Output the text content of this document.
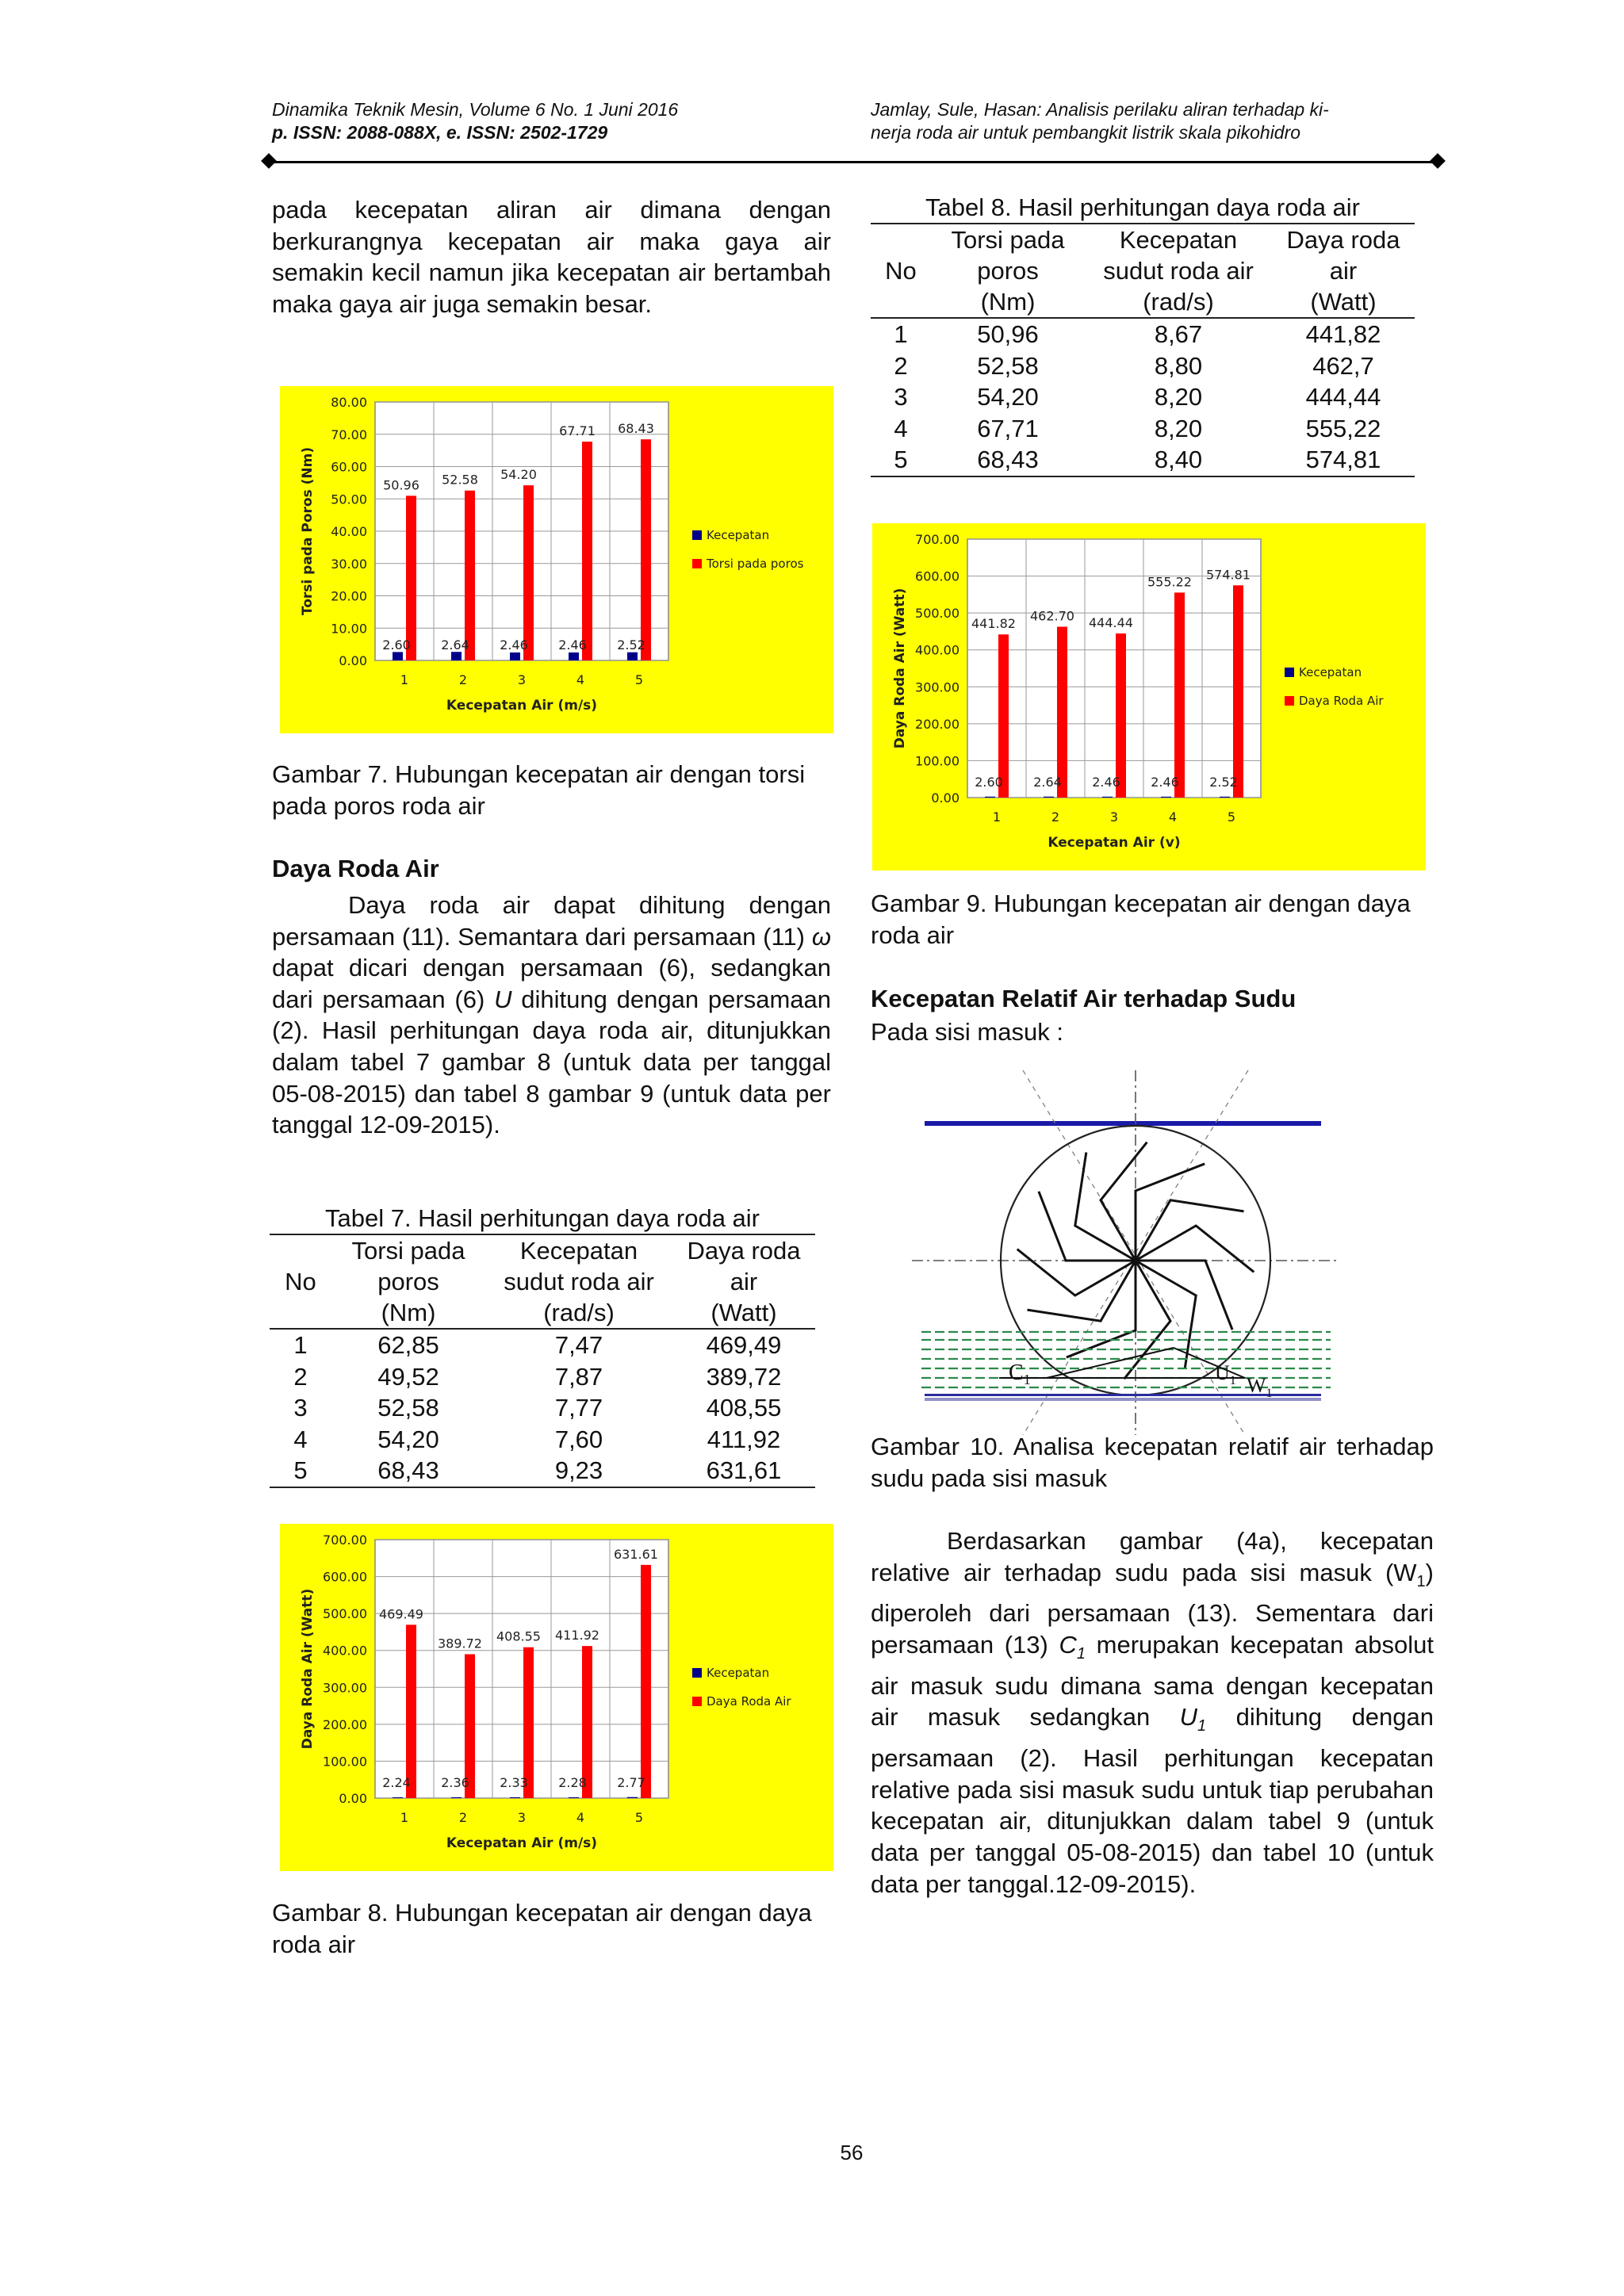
Dinamika Teknik Mesin, Volume 6 No. 1 Juni 2016
p. ISSN: 2088-088X, e. ISSN: 2502-1729
Jamlay, Sule, Hasan: Analisis perilaku aliran terhadap ki-
nerja roda air untuk pembangkit listrik skala pikohidro

pada kecepatan aliran air dimana dengan berkurangnya kecepatan air maka gaya air semakin kecil namun jika kecepatan air bertambah maka gaya air juga semakin besar.

0.00
10.00
20.00
30.00
40.00
50.00
60.00
70.00
80.00
2.60
50.96
1
2.64
52.58
2
2.46
54.20
3
2.46
67.71
4
2.52
68.43
5
Kecepatan Air (m/s)
Torsi pada Poros (Nm)	Kecepatan
Torsi pada poros
Gambar 7. Hubungan kecepatan air dengan torsi pada poros roda air
Daya Roda Air

Daya roda air dapat dihitung dengan persamaan (11). Semantara dari persamaan (11) ω dapat dicari dengan persamaan (6), sedangkan dari persamaan (6) U dihitung dengan persamaan (2). Hasil perhitungan daya roda air, ditunjukkan dalam tabel 7 gambar 8 (untuk data per tanggal 05-08-2015) dan tabel 8 gambar 9 (untuk data per tanggal 12-09-2015).

Tabel 7. Hasil perhitungan daya roda air
	Torsi pada	Kecepatan	Daya roda
No	poros	sudut roda air	air
	(Nm)	(rad/s)	(Watt)
1	62,85	7,47	469,49
2	49,52	7,87	389,72
3	52,58	7,77	408,55
4	54,20	7,60	411,92
5	68,43	9,23	631,61
0.00
100.00
200.00
300.00
400.00
500.00
600.00
700.00
2.24
469.49
1
2.36
389.72
2
2.33
408.55
3
2.28
411.92
4
2.77
631.61
5
Kecepatan Air (m/s)
Daya Roda Air (Watt)	Kecepatan
Daya Roda Air
Gambar 8. Hubungan kecepatan air dengan daya roda air
Tabel 8. Hasil perhitungan daya roda air
	Torsi pada	Kecepatan	Daya roda
No	poros	sudut roda air	air
	(Nm)	(rad/s)	(Watt)
1	50,96	8,67	441,82
2	52,58	8,80	462,7
3	54,20	8,20	444,44
4	67,71	8,20	555,22
5	68,43	8,40	574,81
0.00
100.00
200.00
300.00
400.00
500.00
600.00
700.00
2.60
441.82
1
2.64
462.70
2
2.46
444.44
3
2.46
555.22
4
2.52
574.81
5
Kecepatan Air (v)
Daya Roda Air (Watt)	Kecepatan
Daya Roda Air
Gambar 9. Hubungan kecepatan air dengan daya roda air
Kecepatan Relatif Air terhadap Sudu
Pada sisi masuk :
$C_1$	$U_1$ $W_1$
Gambar 10. Analisa kecepatan relatif air terhadap sudu pada sisi masuk

Berdasarkan gambar (4a), kecepatan relative air terhadap sudu pada sisi masuk $(W_1)$ diperoleh dari persamaan (13). Sementara dari persamaan (13) $C_1$ merupakan kecepatan absolut air masuk sudu dimana sama dengan kecepatan air masuk sedangkan $U_1$ dihitung dengan persamaan (2). Hasil perhitungan kecepatan relative pada sisi masuk sudu untuk tiap perubahan kecepatan air, ditunjukkan dalam tabel 9 (untuk data per tanggal 05-08-2015) dan tabel 10 (untuk data per tanggal.12-09-2015).

56
